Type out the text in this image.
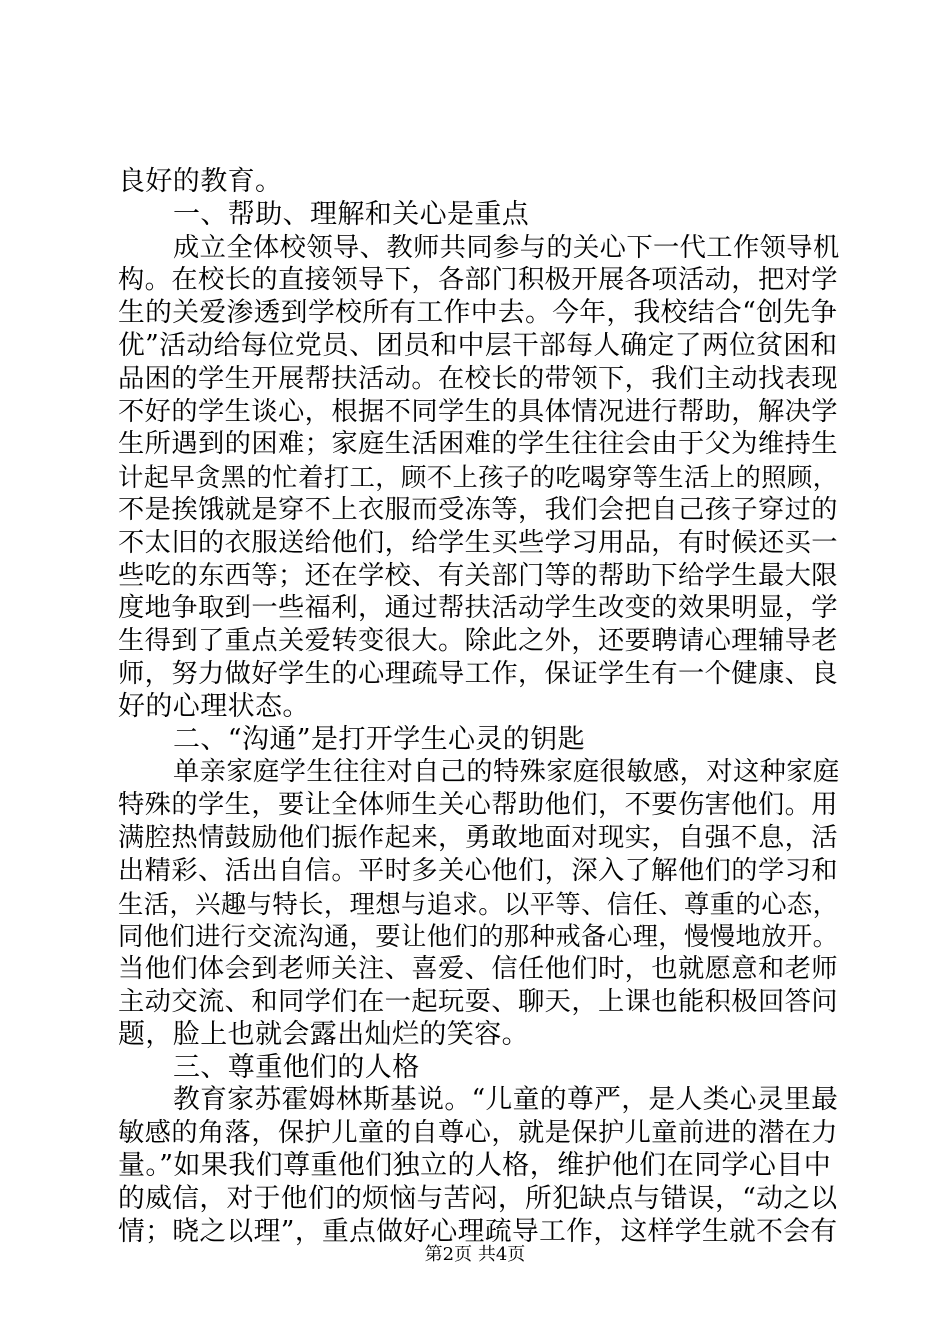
良好的教育。
一、帮助、理解和关心是重点
成立全体校领导、教师共同参与的关心下一代工作领导机
构。在校长的直接领导下，各部门积极开展各项活动，把对学
生的关爱渗透到学校所有工作中去。今年，我校结合“创先争
优”活动给每位党员、团员和中层干部每人确定了两位贫困和
品困的学生开展帮扶活动。在校长的带领下，我们主动找表现
不好的学生谈心，根据不同学生的具体情况进行帮助，解决学
生所遇到的困难；家庭生活困难的学生往往会由于父为维持生
计起早贪黑的忙着打工，顾不上孩子的吃喝穿等生活上的照顾，
不是挨饿就是穿不上衣服而受冻等，我们会把自己孩子穿过的
不太旧的衣服送给他们，给学生买些学习用品，有时候还买一
些吃的东西等；还在学校、有关部门等的帮助下给学生最大限
度地争取到一些福利，通过帮扶活动学生改变的效果明显，学
生得到了重点关爱转变很大。除此之外，还要聘请心理辅导老
师，努力做好学生的心理疏导工作，保证学生有一个健康、良
好的心理状态。
二、“沟通”是打开学生心灵的钥匙
单亲家庭学生往往对自己的特殊家庭很敏感，对这种家庭
特殊的学生，要让全体师生关心帮助他们，不要伤害他们。用
满腔热情鼓励他们振作起来，勇敢地面对现实，自强不息，活
出精彩、活出自信。平时多关心他们，深入了解他们的学习和
生活，兴趣与特长，理想与追求。以平等、信任、尊重的心态，
同他们进行交流沟通，要让他们的那种戒备心理，慢慢地放开。
当他们体会到老师关注、喜爱、信任他们时，也就愿意和老师
主动交流、和同学们在一起玩耍、聊天，上课也能积极回答问
题，脸上也就会露出灿烂的笑容。
三、尊重他们的人格
教育家苏霍姆林斯基说。“儿童的尊严，是人类心灵里最
敏感的角落，保护儿童的自尊心，就是保护儿童前进的潜在力
量。”如果我们尊重他们独立的人格，维护他们在同学心目中
的威信，对于他们的烦恼与苦闷，所犯缺点与错误，“动之以
情；晓之以理”，重点做好心理疏导工作，这样学生就不会有
第2页 共4页
